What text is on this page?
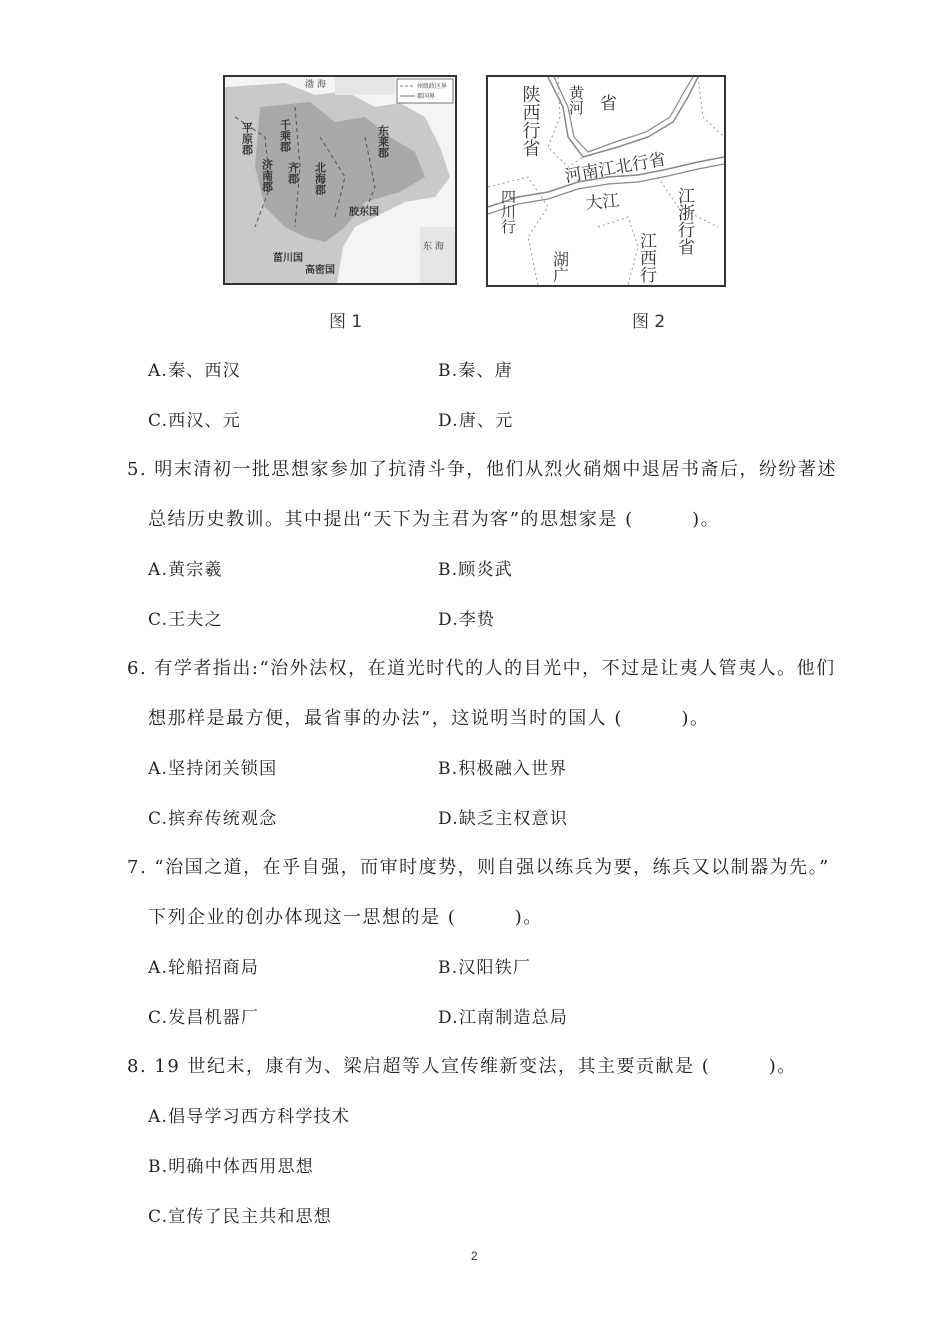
州级政区界
郡国界
渤 海
东 海
平原郡 千乘郡
济南郡 齐郡 北海郡
东莱郡
胶东国
菑川国
高密国
图 1
陕西行省
河南江北行省
四川行	江浙行省
江西行
湖广
黄河
大江
省
图 2
A.秦、西汉	B.秦、唐
C.西汉、元	D.唐、元
5. 明末清初一批思想家参加了抗清斗争，他们从烈火硝烟中退居书斋后，纷纷著述
总结历史教训。其中提出“天下为主君为客”的思想家是 (　　　)。
A.黄宗羲	B.顾炎武
C.王夫之	D.李贽
6. 有学者指出:“治外法权，在道光时代的人的目光中，不过是让夷人管夷人。他们
想那样是最方便，最省事的办法”，这说明当时的国人 (　　　)。
A.坚持闭关锁国	B.积极融入世界
C.摈弃传统观念	D.缺乏主权意识
7. “治国之道，在乎自强，而审时度势，则自强以练兵为要，练兵又以制器为先。”
下列企业的创办体现这一思想的是 (　　　)。
A.轮船招商局	B.汉阳铁厂
C.发昌机器厂	D.江南制造总局
8. 19 世纪末，康有为、梁启超等人宣传维新变法，其主要贡献是 (　　　)。
A.倡导学习西方科学技术
B.明确中体西用思想
C.宣传了民主共和思想
2
